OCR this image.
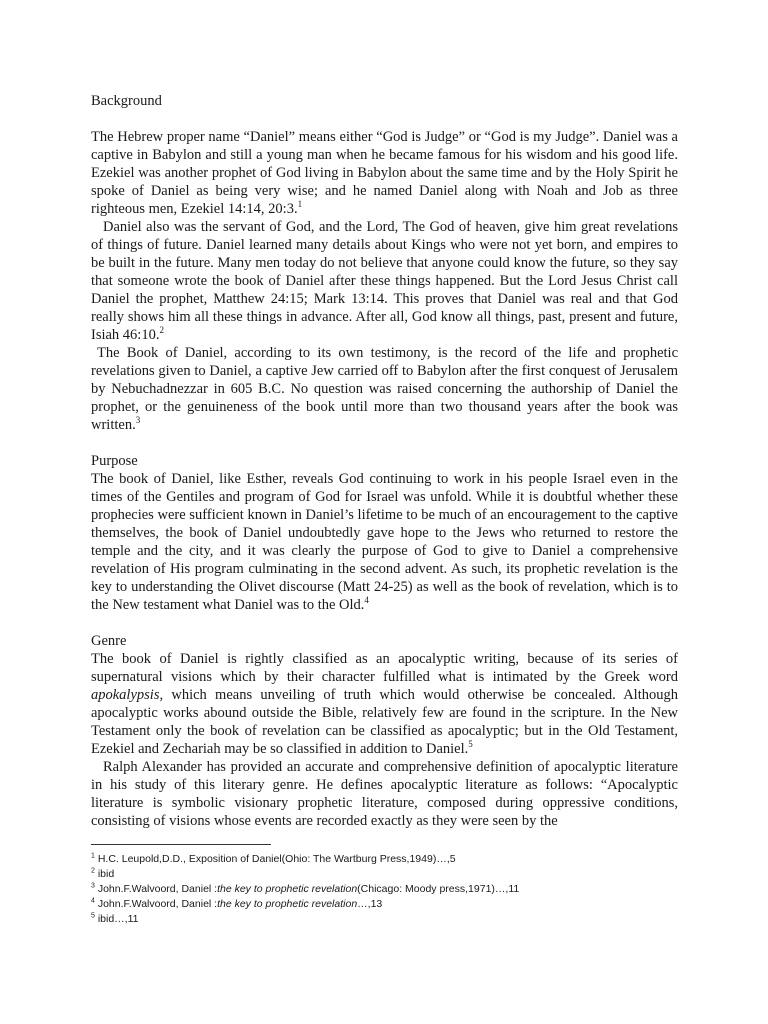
Background

The Hebrew proper name “Daniel” means either “God is Judge” or “God is my Judge”. Daniel was a captive in Babylon and still a young man when he became famous for his wisdom and his good life. Ezekiel was another prophet of God living in Babylon about the same time and by the Holy Spirit he spoke of Daniel as being very wise; and he named Daniel along with Noah and Job as three righteous men, Ezekiel 14:14, 20:3.$^1$

Daniel also was the servant of God, and the Lord, The God of heaven, give him great revelations of things of future. Daniel learned many details about Kings who were not yet born, and empires to be built in the future. Many men today do not believe that anyone could know the future, so they say that someone wrote the book of Daniel after these things happened. But the Lord Jesus Christ call Daniel the prophet, Matthew 24:15; Mark 13:14. This proves that Daniel was real and that God really shows him all these things in advance. After all, God know all things, past, present and future, Isiah 46:10.$^2$

The Book of Daniel, according to its own testimony, is the record of the life and prophetic revelations given to Daniel, a captive Jew carried off to Babylon after the first conquest of Jerusalem by Nebuchadnezzar in 605 B.C. No question was raised concerning the authorship of Daniel the prophet, or the genuineness of the book until more than two thousand years after the book was written.$^3$

Purpose

The book of Daniel, like Esther, reveals God continuing to work in his people Israel even in the times of the Gentiles and program of God for Israel was unfold. While it is doubtful whether these prophecies were sufficient known in Daniel’s lifetime to be much of an encouragement to the captive themselves, the book of Daniel undoubtedly gave hope to the Jews who returned to restore the temple and the city, and it was clearly the purpose of God to give to Daniel a comprehensive revelation of His program culminating in the second advent. As such, its prophetic revelation is the key to understanding the Olivet discourse (Matt 24-25) as well as the book of revelation, which is to the New testament what Daniel was to the Old.$^4$

Genre

The book of Daniel is rightly classified as an apocalyptic writing, because of its series of supernatural visions which by their character fulfilled what is intimated by the Greek word apokalypsis, which means unveiling of truth which would otherwise be concealed. Although apocalyptic works abound outside the Bible, relatively few are found in the scripture. In the New Testament only the book of revelation can be classified as apocalyptic; but in the Old Testament, Ezekiel and Zechariah may be so classified in addition to Daniel.$^5$

Ralph Alexander has provided an accurate and comprehensive definition of apocalyptic literature in his study of this literary genre. He defines apocalyptic literature as follows: “Apocalyptic literature is symbolic visionary prophetic literature, composed during oppressive conditions, consisting of visions whose events are recorded exactly as they were seen by the

$^1$ H.C. Leupold,D.D., Exposition of Daniel(Ohio: The Wartburg Press,1949)…,5

$^2$ ibid

$^3$ John.F.Walvoord, Daniel :the key to prophetic revelation(Chicago: Moody press,1971)…,11

$^4$ John.F.Walvoord, Daniel :the key to prophetic revelation…,13

$^5$ ibid…,11
